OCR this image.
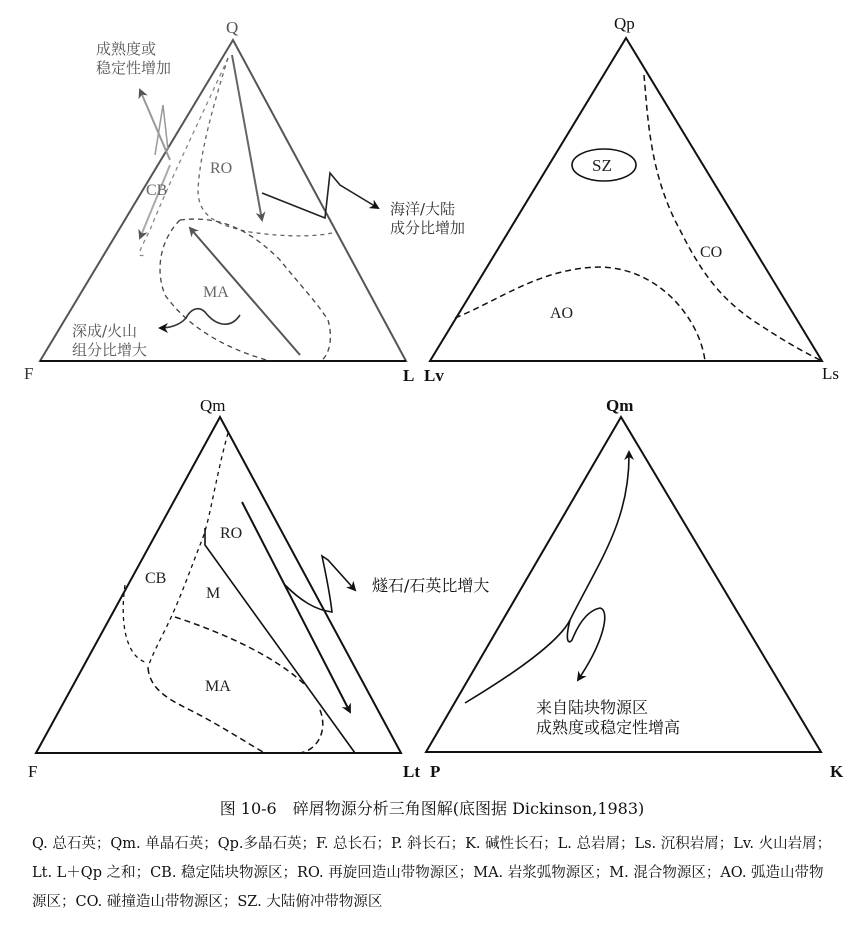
Q
F	L
Qp
Lv	Ls
Qm
F	Lt
Qm
P	K
CB
RO
MA
SZ
CO
AO
RO
CB
M
MA
成熟度或
稳定性增加
海洋/大陆
成分比增加
深成/火山
组分比增大
燧石/石英比增大
来自陆块物源区
成熟度或稳定性增高
图 10-6　碎屑物源分析三角图解(底图据 Dickinson,1983)
Q. 总石英；Qm. 单晶石英；Qp.多晶石英；F. 总长石；P. 斜长石；K. 碱性长石；L. 总岩屑；Ls. 沉积岩屑；Lv. 火山岩屑；Lt. L＋Qp 之和；CB. 稳定陆块物源区；RO. 再旋回造山带物源区；MA. 岩浆弧物源区；M. 混合物源区；AO. 弧造山带物源区；CO. 碰撞造山带物源区；SZ. 大陆俯冲带物源区
